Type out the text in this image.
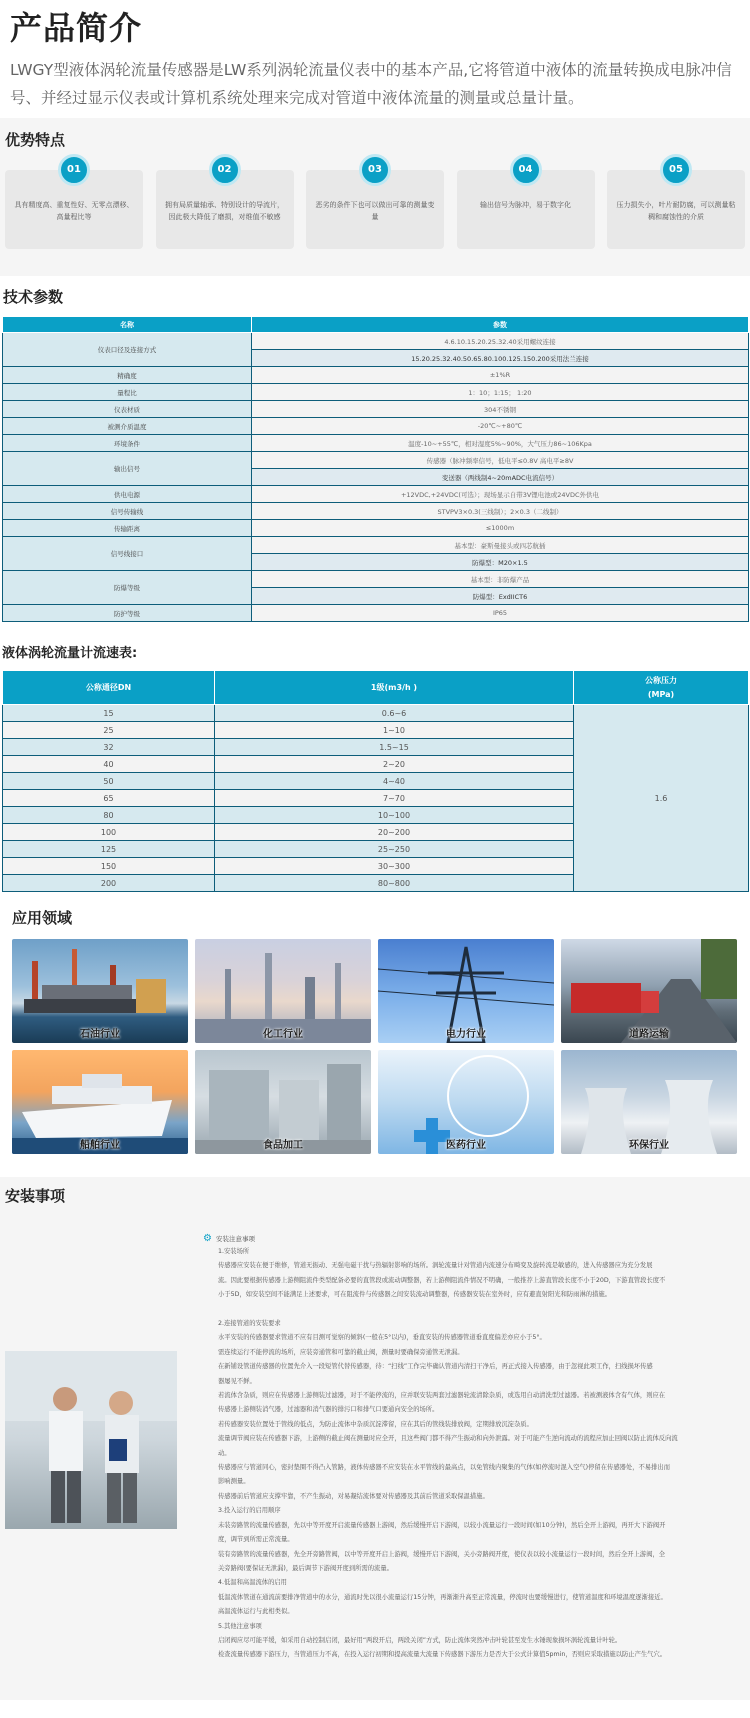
产品简介

LWGY型液体涡轮流量传感器是LW系列涡轮流量仪表中的基本产品,它将管道中液体的流量转换成电脉冲信号、并经过显示仪表或计算机系统处理来完成对管道中液体流量的测量或总量计量。

优势特点
01
具有精度高、重复性好、无零点漂移、高量程比等
02
拥有局质量轴承、特别设计的导流片，因此极大降低了磨损，对维值不敏感
03
恶劣的条件下也可以做出可靠的测量变量
04
输出信号为脉冲，易于数字化
05
压力损失小，叶片耐防腐，可以测量粘稠和腐蚀性的介质
技术参数
名称	参数
仪表口径及连接方式	4.6.10.15.20.25.32.40采用螺纹连接
	15.20.25.32.40.50.65.80.100.125.150.200采用法兰连接
精确度	±1%R
量程比	1：10；1:15； 1:20
仪表材质	304不锈钢
被测介质温度	-20℃~+80℃
环境条件	温度-10~+55℃，相对湿度5%~90%，大气压力86~106Kpa
输出信号	传感器（脉冲频率信号，低电平≤0.8V 高电平≥8V
	变送器（两线制4~20mADC电流信号）
供电电源	+12VDC,+24VDC(可选）；现场显示自带3V锂电池或24VDC外供电
信号传输线	STVPV3×0.3(三线制）；2×0.3（二线制）
传输距离	≤1000m
信号线接口	基本型：豪斯曼接头或四芯航插
	防爆型：M20×1.5
防爆等级	基本型：非防爆产品
	防爆型：ExdIICT6
防护等级	IP65
液体涡轮流量计流速表:
公称通径DN	1级(m3/h )	公称压力
(MPa)

15	0.6~6	1.6
25	1~10	
32	1.5~15	
40	2~20	
50	4~40	
65	7~70	
80	10~100	
100	20~200	
125	25~250	
150	30~300	
200	80~800	
应用领域
石油行业	化工行业	电力行业	道路运输
船舶行业	食品加工	医药行业	环保行业
安装事项
⚙ 安装注意事项
1.安装场所
传感器应安装在便于维修，管道无振动、无强电磁干扰与热辐射影响的场所。涡轮流量计对管道内流速分布畸变及旋转流是敏感的，进入传感器应为充分发展
流。因此要根据传感器上游侧阻流件类型配备必要的直管段或流动调整器，若上游侧阻流件情况不明确，一般推荐上游直管段长度不小于20D，下游直管段长度不
小于5D，如安装空间不能满足上述要求，可在阻流件与传感器之间安装流动调整器，传感器安装在室外时，应有避直射阳光和防雨淋的措施。
2.连接管道的安装要求
水平安装的传感器要求管道不应有目测可觉察的倾斜(一般在5°以内)，垂直安装的传感器管道垂直度偏差亦应小于5°。
需连续运行不能停流的场所，应装旁通管和可靠的截止阀，测量时要确保旁通管无泄漏。
在新铺设管道传感器的位置先介入一段短管代替传感器，待：“扫线”工作完毕确认管道内清扫干净后，再正式接入传感器，由于忽视此项工作，扫线损坏传感
器屡见不鲜。
若流体含杂质，则应在传感器上游侧装过滤器，对于不能停流的，应并联安装两套过滤器轮流清除杂质，或选用自动清洗型过滤器。若被测液体含有气体，则应在
传感器上游侧装消气器，过滤器和消气器的排污口和排气口要通向安全的场所。
若传感器安装位置处于管线的低点，为防止流体中杂质沉淀滞留，应在其后的管线装排放阀，定期排放沉淀杂质。
流量调节阀应装在传感器下游，上游侧的截止阀在测量时应全开，且这些阀门都不得产生振动和向外泄露。对于可能产生逆向流动的流程应加止回阀以防止流体反向流
动。
传感器应与管道同心，密封垫圈不得凸入管路，液体传感器不应安装在水平管线的最高点，以免管线内聚集的气体(如停流时混入空气)停留在传感器处，不易排出而
影响测量。
传感器前后管道应支撑牢靠，不产生振动，对易凝结流体要对传感器及其前后管道采取保温措施。
3.投入运行的启用顺序
未装旁路管的流量传感器，先以中等开度开启流量传感器上游阀，然后缓慢开启下游阀，以较小流量运行一段时间(如10分钟)，然后全开上游阀，再开大下游阀开
度，调节到所需正常流量。
装有旁路管的流量传感器，先全开旁路管阀，以中等开度开启上游阀，缓慢开启下游阀，关小旁路阀开度，使仪表以较小流量运行一段时间，然后全开上游阀，全
关旁路阀(要保证无泄漏)，最后调节下游阀开度到所需的流量。
4.低温和高温流体的启用
低温流体管道在通流前要排净管道中的水分，通流时先以很小流量运行15分钟，再渐渐升高至正常流量，停流时也要缓慢进行，使管道温度和环境温度逐渐接近。
高温流体运行与此相类似。
5.其他注意事项
启闭阀应尽可能平缓，如采用自动控制启闭，最好用“两段开启，两段关闭”方式，防止流体突然冲击叶轮甚至发生水锤现象损坏涡轮流量计叶轮。
检查流量传感器下游压力，当管道压力不高，在投入运行初期和提高流量大流量下传感器下游压力是否大于公式计算值5pmin，否则应采取措施以防止产生气穴。
